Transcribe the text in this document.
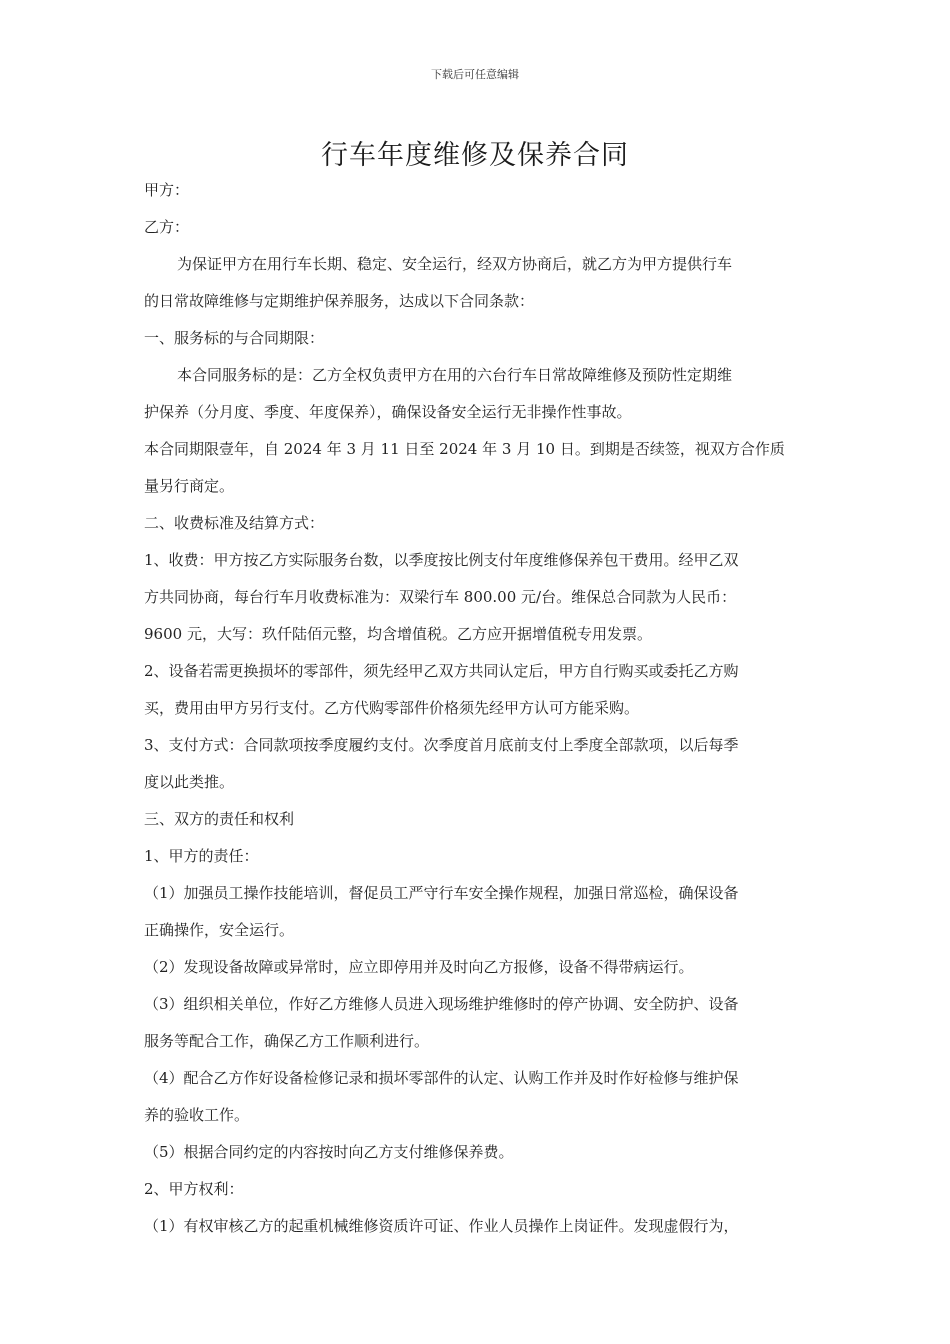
下载后可任意编辑
行车年度维修及保养合同
甲方：
乙方：
为保证甲方在用行车长期、稳定、安全运行，经双方协商后，就乙方为甲方提供行车
的日常故障维修与定期维护保养服务，达成以下合同条款：
一、服务标的与合同期限：
本合同服务标的是：乙方全权负责甲方在用的六台行车日常故障维修及预防性定期维
护保养（分月度、季度、年度保养），确保设备安全运行无非操作性事故。
本合同期限壹年，自 2024 年 3 月 11 日至 2024 年 3 月 10 日。到期是否续签，视双方合作质
量另行商定。
二、收费标准及结算方式：
1、收费：甲方按乙方实际服务台数，以季度按比例支付年度维修保养包干费用。经甲乙双
方共同协商，每台行车月收费标准为：双梁行车 800.00 元/台。维保总合同款为人民币：
9600 元，大写：玖仟陆佰元整，均含增值税。乙方应开据增值税专用发票。
2、设备若需更换损坏的零部件，须先经甲乙双方共同认定后，甲方自行购买或委托乙方购
买，费用由甲方另行支付。乙方代购零部件价格须先经甲方认可方能采购。
3、支付方式：合同款项按季度履约支付。次季度首月底前支付上季度全部款项，以后每季
度以此类推。
三、双方的责任和权利
1、甲方的责任：
（1）加强员工操作技能培训，督促员工严守行车安全操作规程，加强日常巡检，确保设备
正确操作，安全运行。
（2）发现设备故障或异常时，应立即停用并及时向乙方报修，设备不得带病运行。
（3）组织相关单位，作好乙方维修人员进入现场维护维修时的停产协调、安全防护、设备
服务等配合工作，确保乙方工作顺利进行。
（4）配合乙方作好设备检修记录和损坏零部件的认定、认购工作并及时作好检修与维护保
养的验收工作。
（5）根据合同约定的内容按时向乙方支付维修保养费。
2、甲方权利：
（1）有权审核乙方的起重机械维修资质许可证、作业人员操作上岗证件。发现虚假行为，
